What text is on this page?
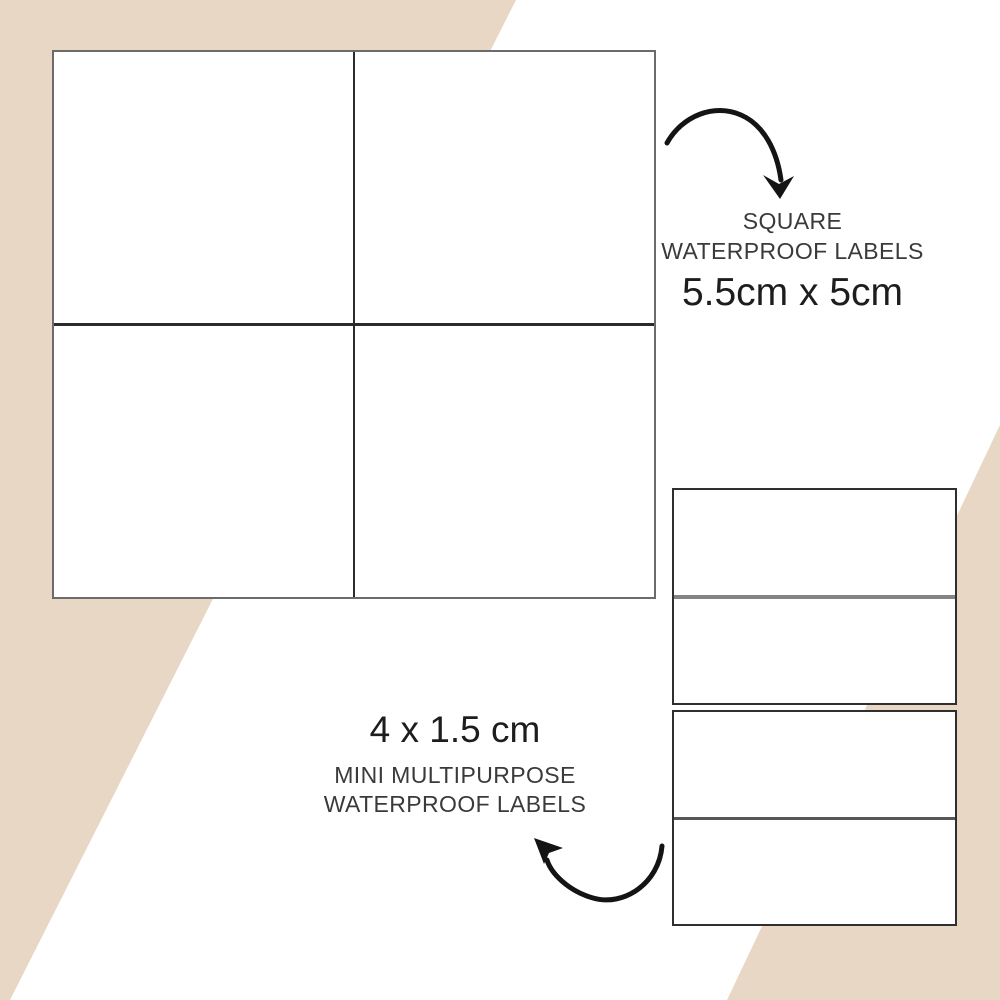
SQUARE
WATERPROOF LABELS
5.5cm x 5cm
4 x 1.5 cm
MINI MULTIPURPOSE
WATERPROOF LABELS
